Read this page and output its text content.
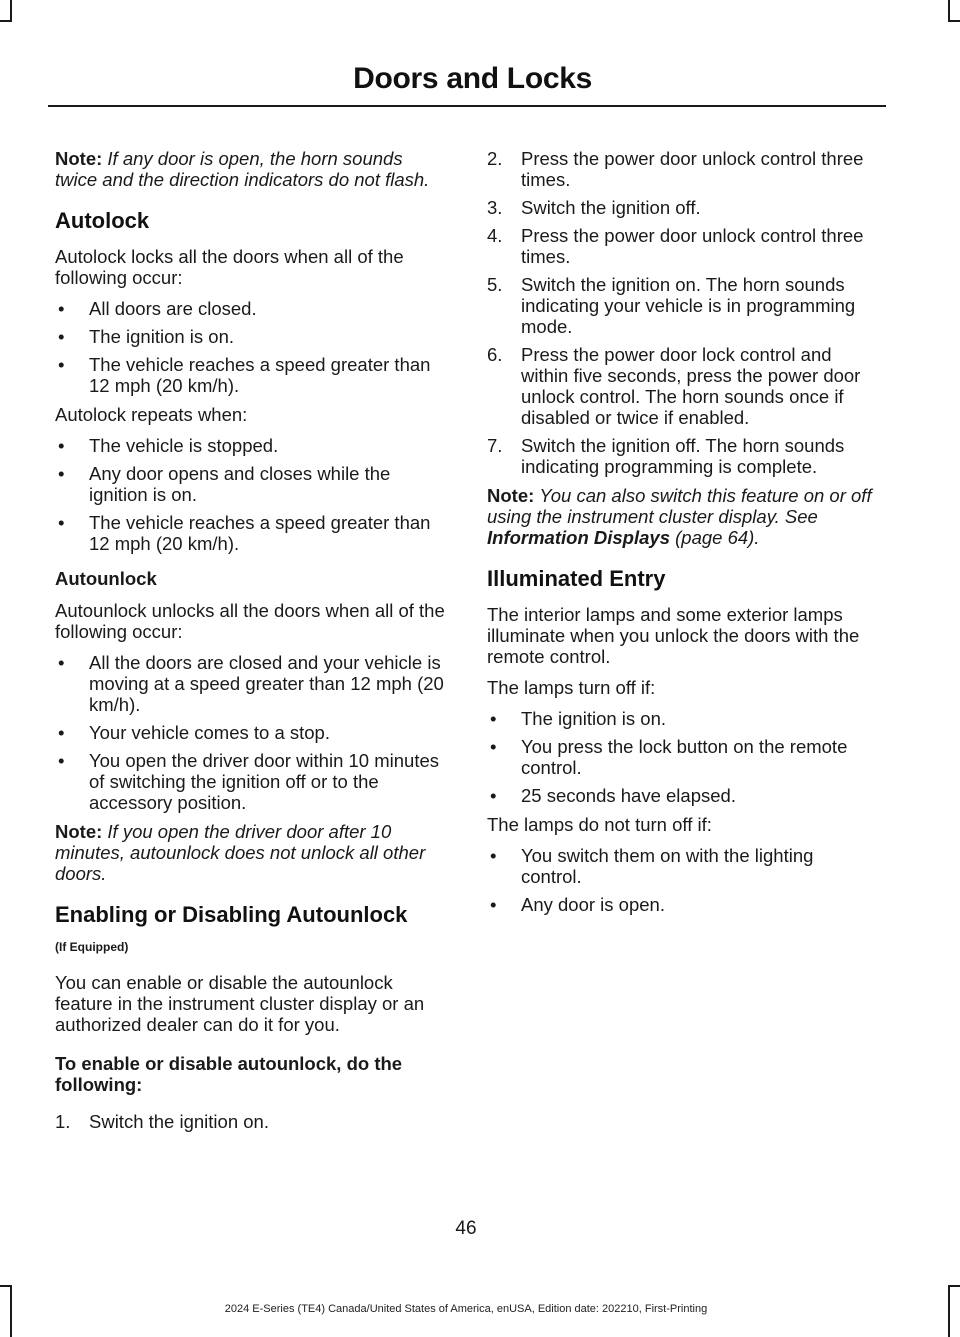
Doors and Locks

Note: If any door is open, the horn sounds twice and the direction indicators do not flash.

Autolock

Autolock locks all the doors when all of the following occur:

• All doors are closed.
• The ignition is on.
• The vehicle reaches a speed greater than 12 mph (20 km/h).

Autolock repeats when:

• The vehicle is stopped.
• Any door opens and closes while the ignition is on.
• The vehicle reaches a speed greater than 12 mph (20 km/h).
Autounlock

Autounlock unlocks all the doors when all of the following occur:

• All the doors are closed and your vehicle is moving at a speed greater than 12 mph (20 km/h).
• Your vehicle comes to a stop.
• You open the driver door within 10 minutes of switching the ignition off or to the accessory position.

Note: If you open the driver door after 10 minutes, autounlock does not unlock all other doors.

Enabling or Disabling Autounlock
(If Equipped)

You can enable or disable the autounlock feature in the instrument cluster display or an authorized dealer can do it for you.

To enable or disable autounlock, do the following:

1. Switch the ignition on.
2. Press the power door unlock control three times.
3. Switch the ignition off.
4. Press the power door unlock control three times.
5. Switch the ignition on. The horn sounds indicating your vehicle is in programming mode.
6. Press the power door lock control and within five seconds, press the power door unlock control. The horn sounds once if disabled or twice if enabled.
7. Switch the ignition off. The horn sounds indicating programming is complete.

Note: You can also switch this feature on or off using the instrument cluster display. See Information Displays (page 64).

Illuminated Entry

The interior lamps and some exterior lamps illuminate when you unlock the doors with the remote control.

The lamps turn off if:

• The ignition is on.
• You press the lock button on the remote control.
• 25 seconds have elapsed.

The lamps do not turn off if:

• You switch them on with the lighting control.
• Any door is open.
46
2024 E-Series (TE4) Canada/United States of America, enUSA, Edition date: 202210, First-Printing
